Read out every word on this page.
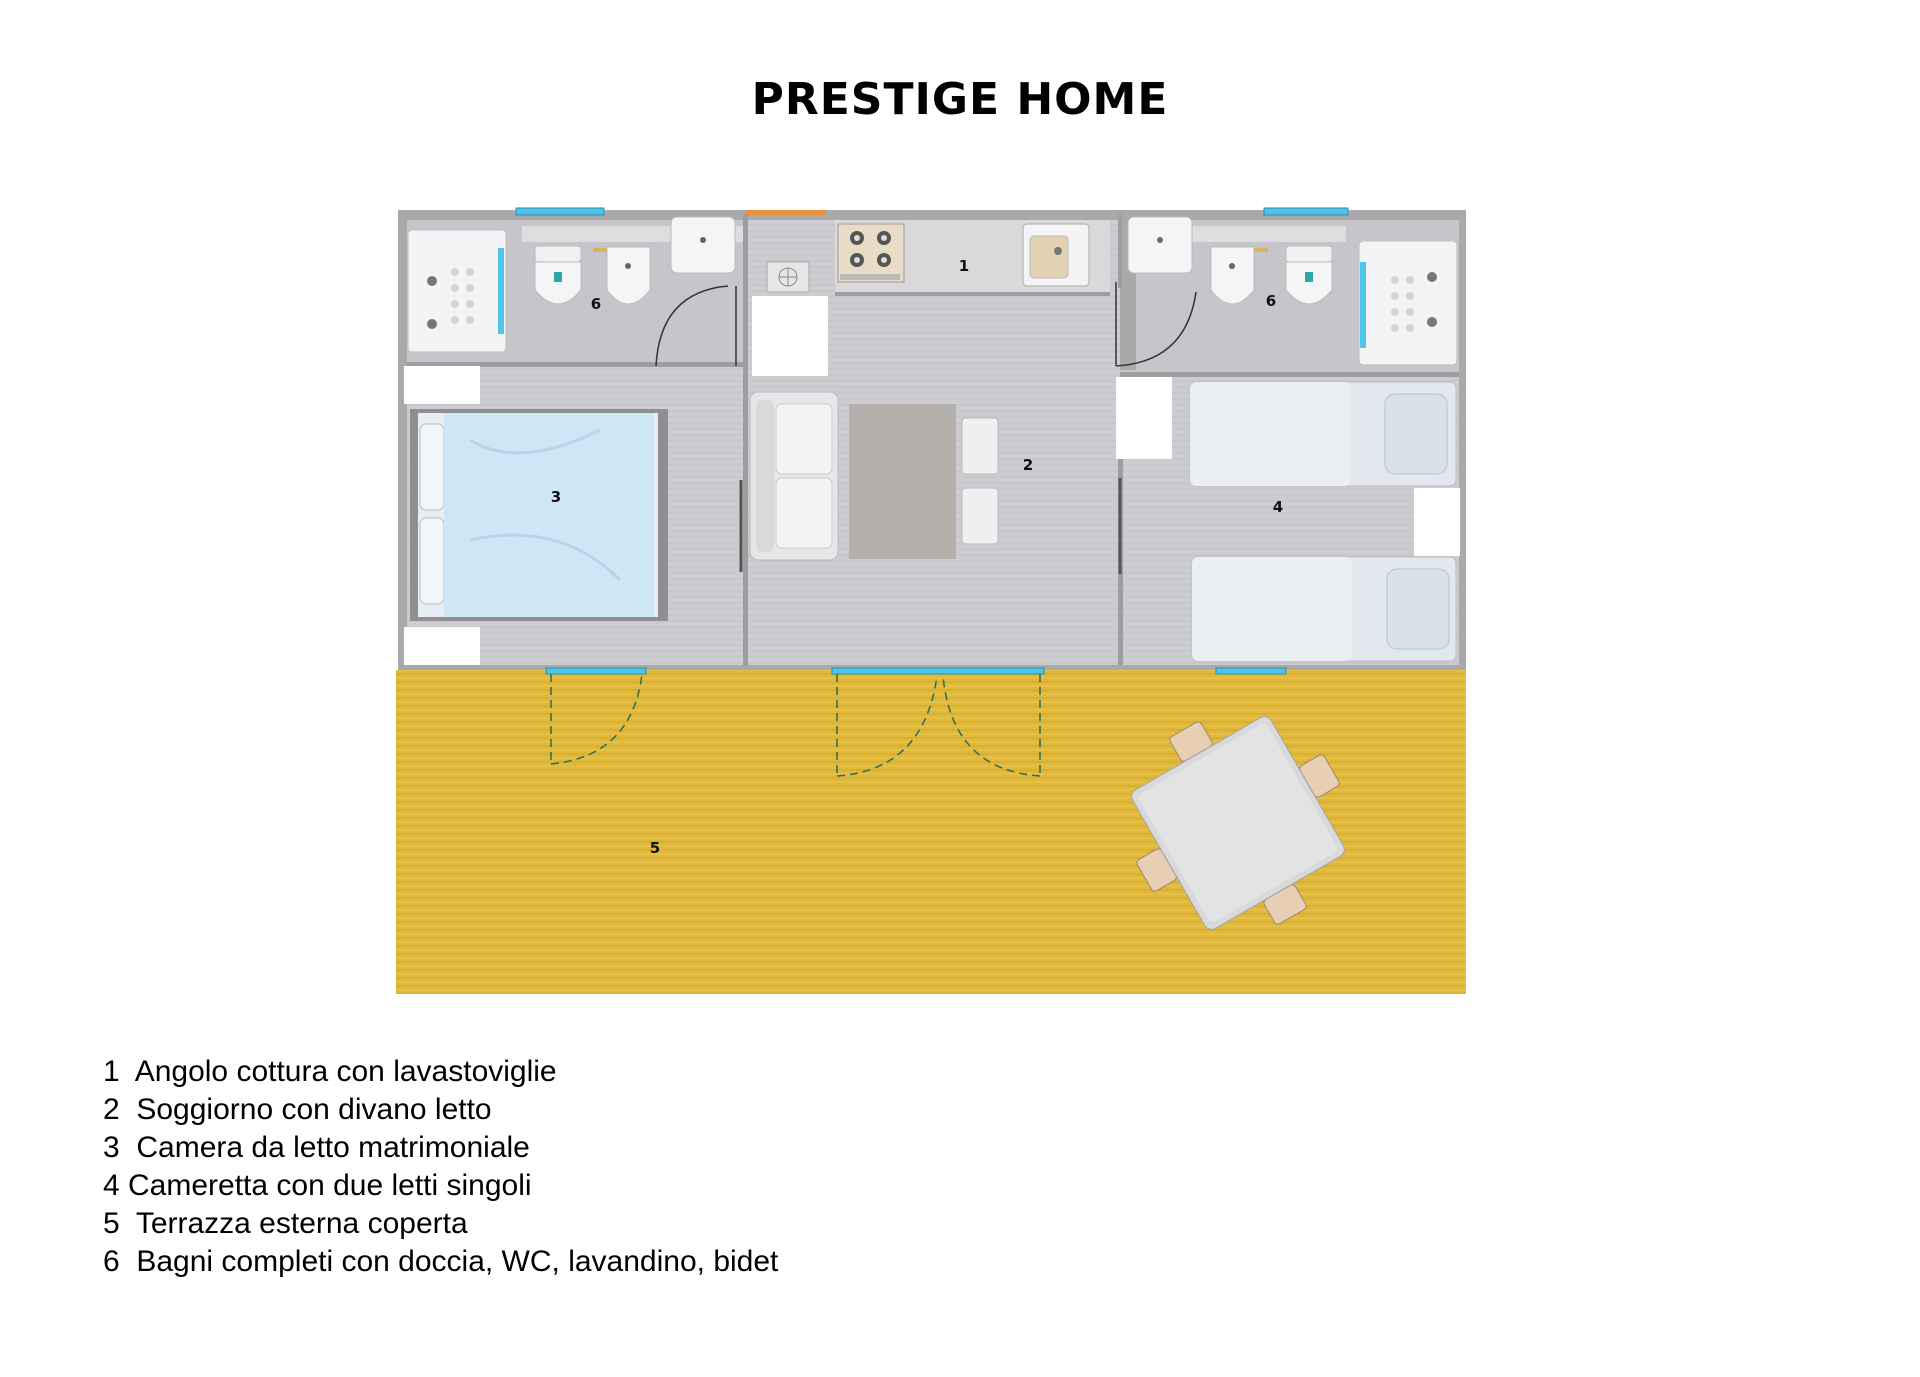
PRESTIGE HOME
6	6
1
3
2
4
5
1  Angolo cottura con lavastoviglie
2  Soggiorno con divano letto
3  Camera da letto matrimoniale
4 Cameretta con due letti singoli
5  Terrazza esterna coperta
6  Bagni completi con doccia, WC, lavandino, bidet
